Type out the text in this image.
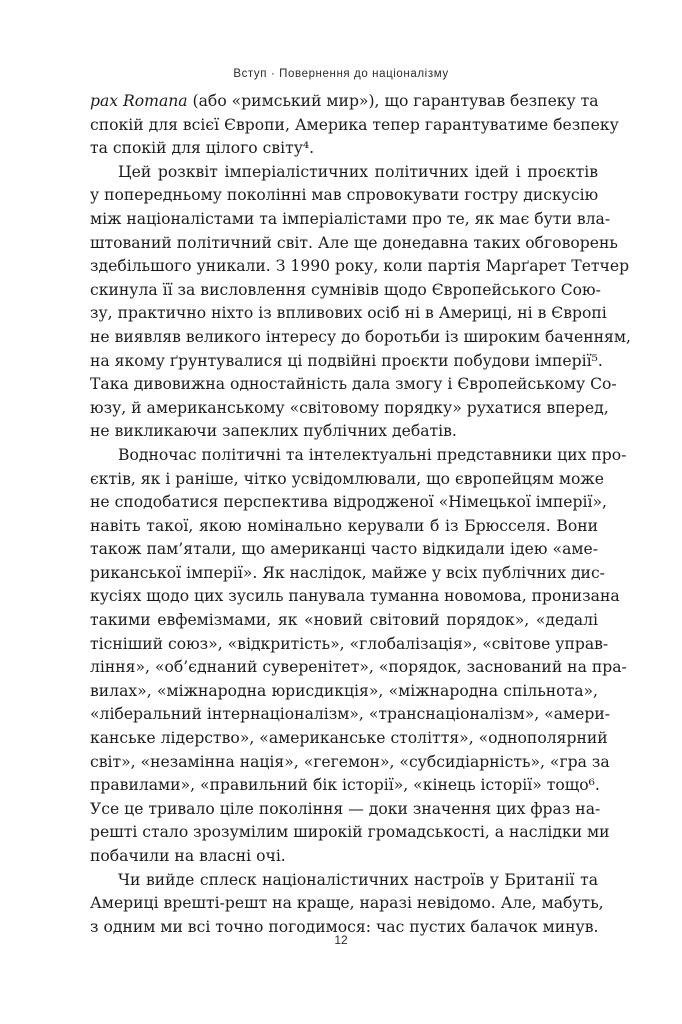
Вступ · Повернення до націоналізму
pax Romana (або «римський мир»), що гарантував безпеку та
спокій для всієї Європи, Америка тепер гарантуватиме безпеку
та спокій для цілого світу⁴.
Цей розквіт імперіалістичних політичних ідей і проєктів
у попередньому поколінні мав спровокувати гостру дискусію
між націоналістами та імперіалістами про те, як має бути вла-
штований політичний світ. Але ще донедавна таких обговорень
здебільшого уникали. З 1990 року, коли партія Марґарет Тетчер
скинула її за висловлення сумнівів щодо Європейського Сою-
зу, практично ніхто із впливових осіб ні в Америці, ні в Європі
не виявляв великого інтересу до боротьби із широким баченням,
на якому ґрунтувалися ці подвійні проєкти побудови імперії⁵.
Така дивовижна одностайність дала змогу і Європейському Со-
юзу, й американському «світовому порядку» рухатися вперед,
не викликаючи запеклих публічних дебатів.
Водночас політичні та інтелектуальні представники цих про-
єктів, як і раніше, чітко усвідомлювали, що європейцям може
не сподобатися перспектива відродженої «Німецької імперії»,
навіть такої, якою номінально керували б із Брюсселя. Вони
також пам’ятали, що американці часто відкидали ідею «аме-
риканської імперії». Як наслідок, майже у всіх публічних дис-
кусіях щодо цих зусиль панувала туманна новомова, пронизана
такими евфемізмами, як «новий світовий порядок», «дедалі
тісніший союз», «відкритість», «глобалізація», «світове управ-
ління», «об’єднаний суверенітет», «порядок, заснований на пра-
вилах», «міжнародна юрисдикція», «міжнародна спільнота»,
«ліберальний інтернаціоналізм», «транснаціоналізм», «амери-
канське лідерство», «американське століття», «однополярний
світ», «незамінна нація», «гегемон», «субсидіарність», «гра за
правилами», «правильний бік історії», «кінець історії» тощо⁶.
Усе це тривало ціле покоління — доки значення цих фраз на-
решті стало зрозумілим широкій громадськості, а наслідки ми
побачили на власні очі.
Чи вийде сплеск націоналістичних настроїв у Британії та
Америці врешті-решт на краще, наразі невідомо. Але, мабуть,
з одним ми всі точно погодимося: час пустих балачок минув.
12
